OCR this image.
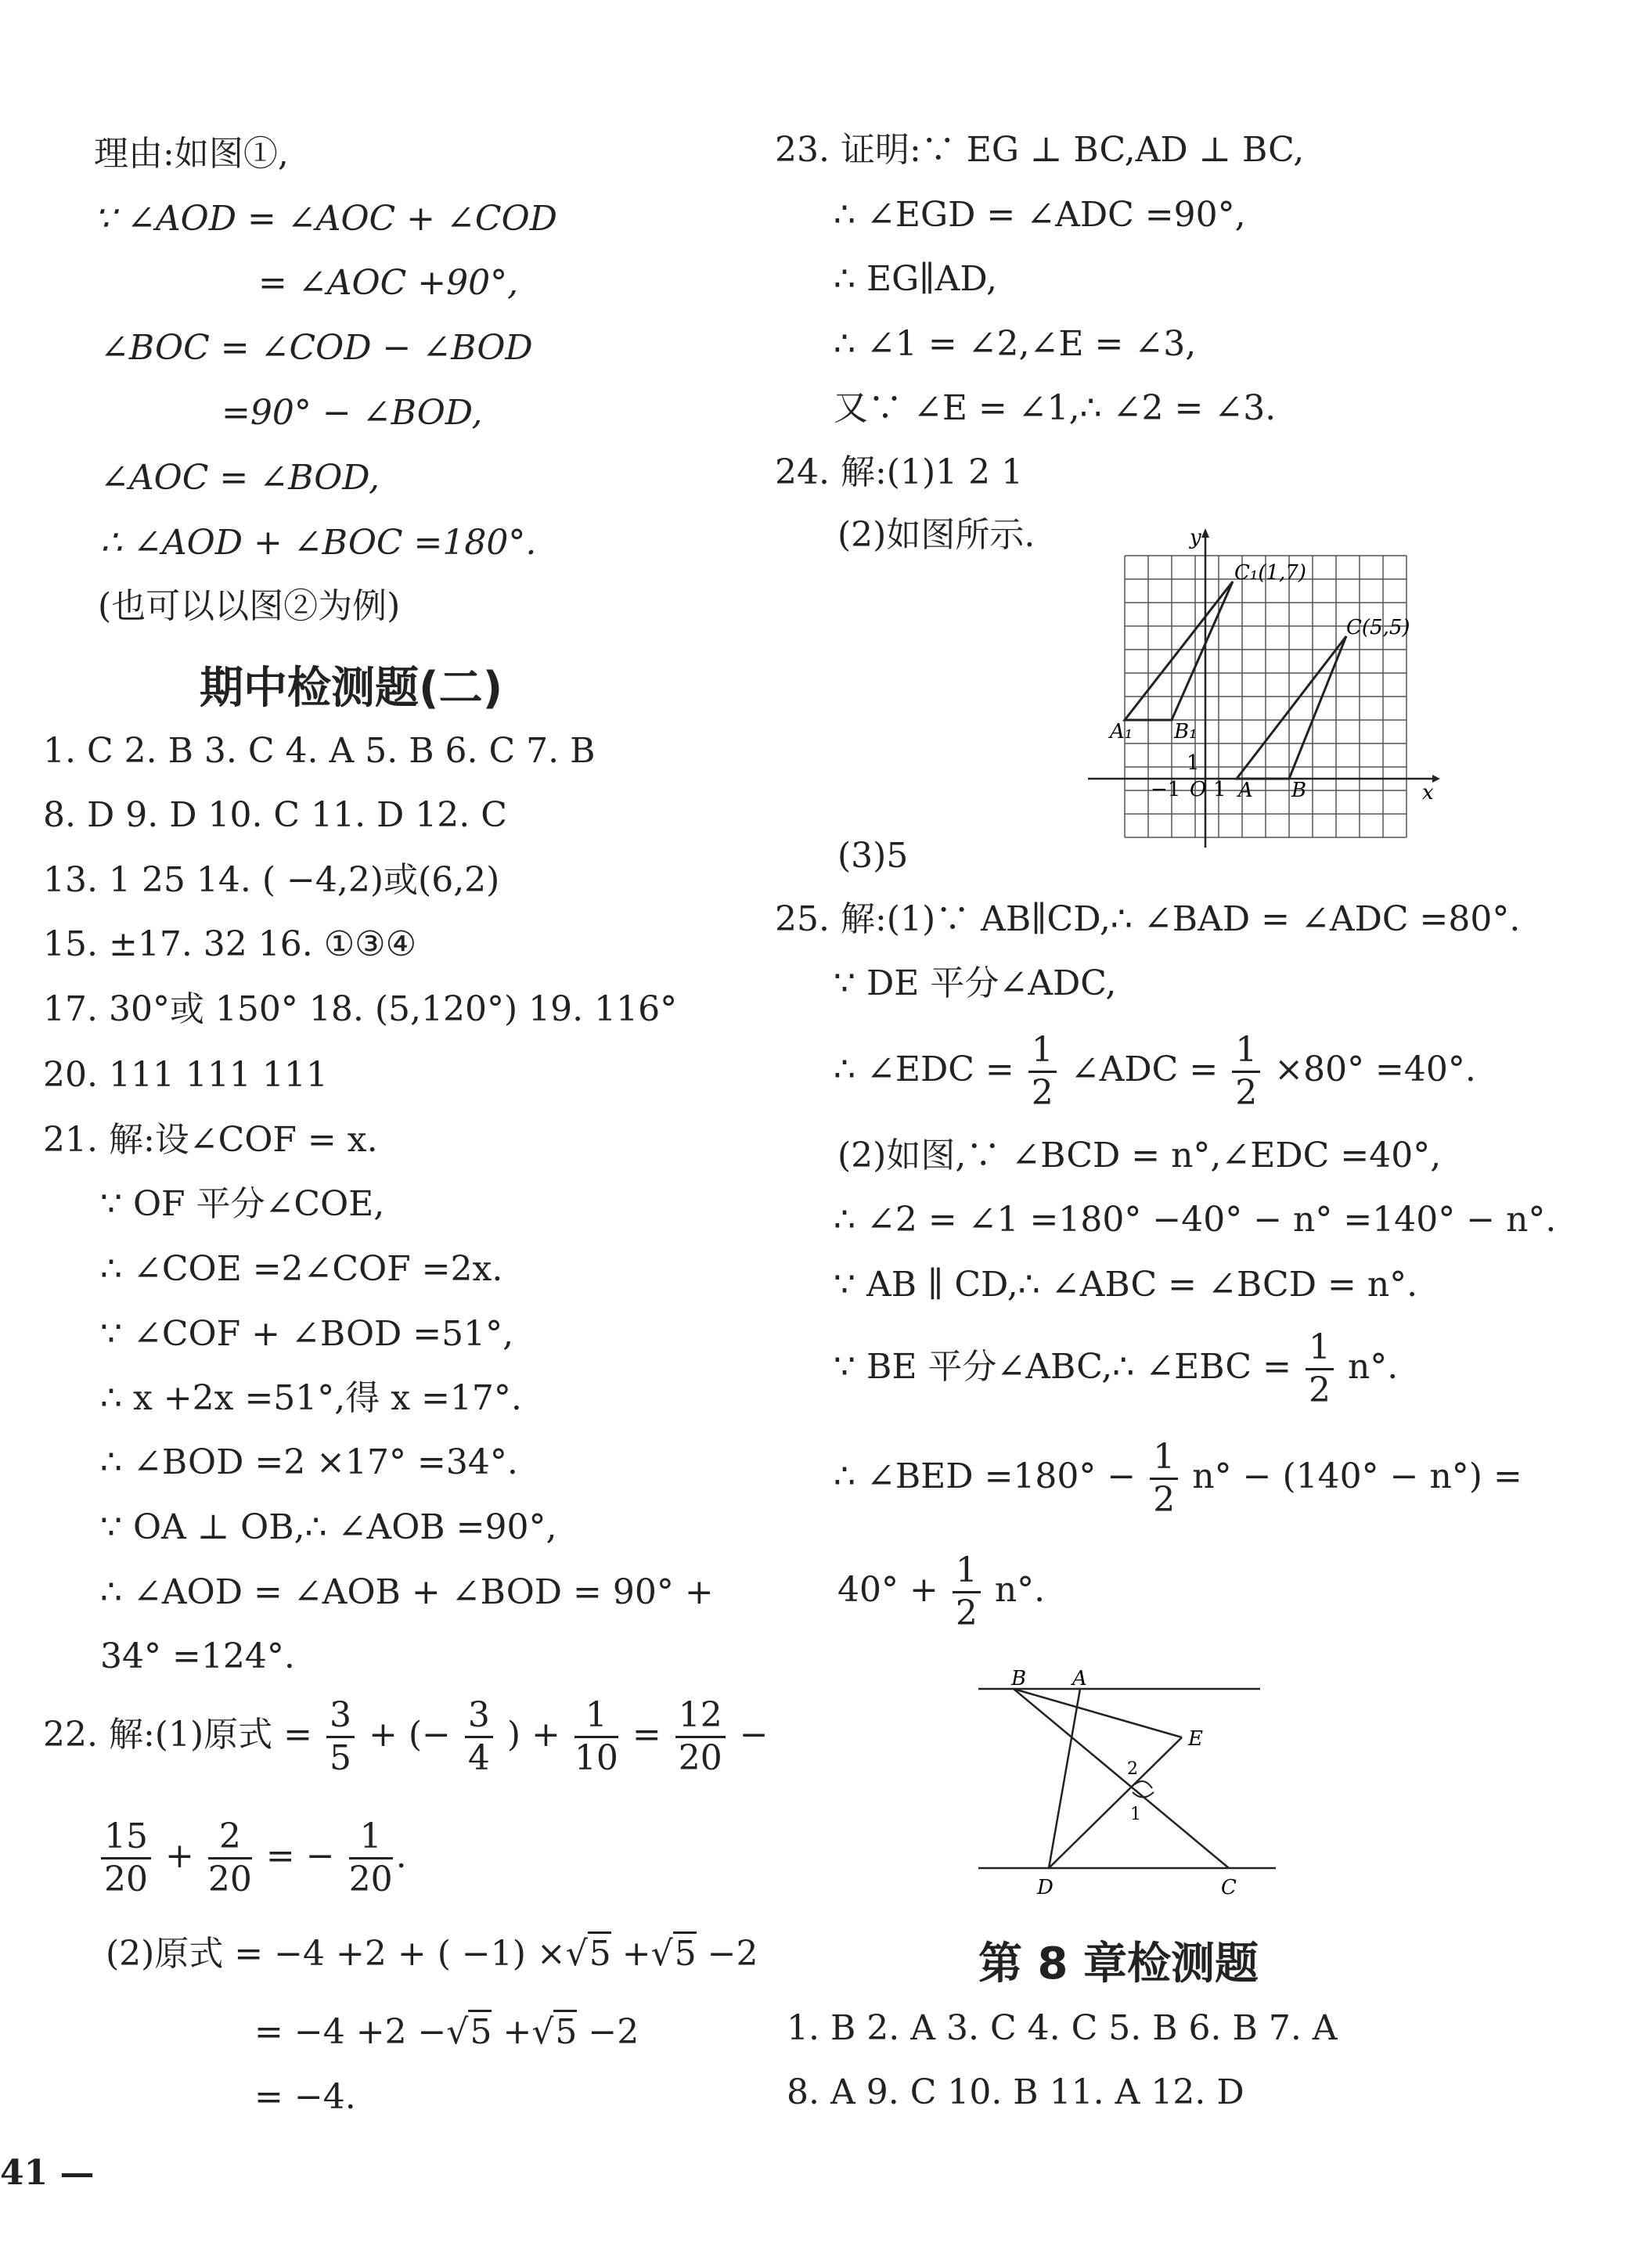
理由:如图①,
∵ ∠AOD = ∠AOC + ∠COD
= ∠AOC +90°,
∠BOC = ∠COD − ∠BOD
=90° − ∠BOD,
∠AOC = ∠BOD,
∴ ∠AOD + ∠BOC =180°.
(也可以以图②为例)
期中检测题(二)
1. C 2. B 3. C 4. A 5. B 6. C 7. B
8. D 9. D 10. C 11. D 12. C
13. 1 25 14. ( −4,2)或(6,2)
15. ±17. 32 16. ①③④
17. 30°或 150° 18. (5,120°) 19. 116°
20. 111 111 111
21. 解:设∠COF = x.
∵ OF 平分∠COE,
∴ ∠COE =2∠COF =2x.
∵ ∠COF + ∠BOD =51°,
∴ x +2x =51°,得 x =17°.
∴ ∠BOD =2 ×17° =34°.
∵ OA ⊥ OB,∴ ∠AOB =90°,
∴ ∠AOD = ∠AOB + ∠BOD = 90° +
34° =124°.
22. 解:(1)原式 = $\frac{3}{5}$ + (− $\frac{3}{4}$ ) + $\frac{1}{10} = \frac{12}{20}$ −
$\frac{15}{20} + \frac{2}{20}$ = − $\frac{1}{20}$ .
(2)原式 = −4 +2 + ( −1) ×√5 +√5 −2
= −4 +2 −√5 +√5 −2
= −4.
41 —
23. 证明:∵ EG ⊥ BC,AD ⊥ BC,
∴ ∠EGD = ∠ADC =90°,
∴ EG∥AD,
∴ ∠1 = ∠2,∠E = ∠3,
又∵ ∠E = ∠1,∴ ∠2 = ∠3.
24. 解:(1)1 2 1
(2)如图所示.	y
x
O
−1 1
1
C₁(1,7)
C(5,5)
A₁ B₁
A B
(3)5
25. 解:(1)∵ AB∥CD,∴ ∠BAD = ∠ADC =80°.
∵ DE 平分∠ADC,
∴ ∠EDC = $\frac{1}{2}$ ∠ADC = $\frac{1}{2} \times 80^\circ =40^\circ$.
(2)如图,∵ ∠BCD = n°,∠EDC =40°,
∴ ∠2 = ∠1 =180° −40° − n° =140° − n°.
∵ AB ∥ CD,∴ ∠ABC = ∠BCD = n°.
∵ BE 平分∠ABC,∴ ∠EBC = $\frac{1}{2} n^\circ$.
∴ ∠BED $=180^\circ - \frac{1}{2} n^\circ - (140^\circ - n^\circ)$ =
$40^\circ + \frac{1}{2} n^\circ$.
B A
E
D	C
2
1
第 8 章检测题
1. B 2. A 3. C 4. C 5. B 6. B 7. A
8. A 9. C 10. B 11. A 12. D
